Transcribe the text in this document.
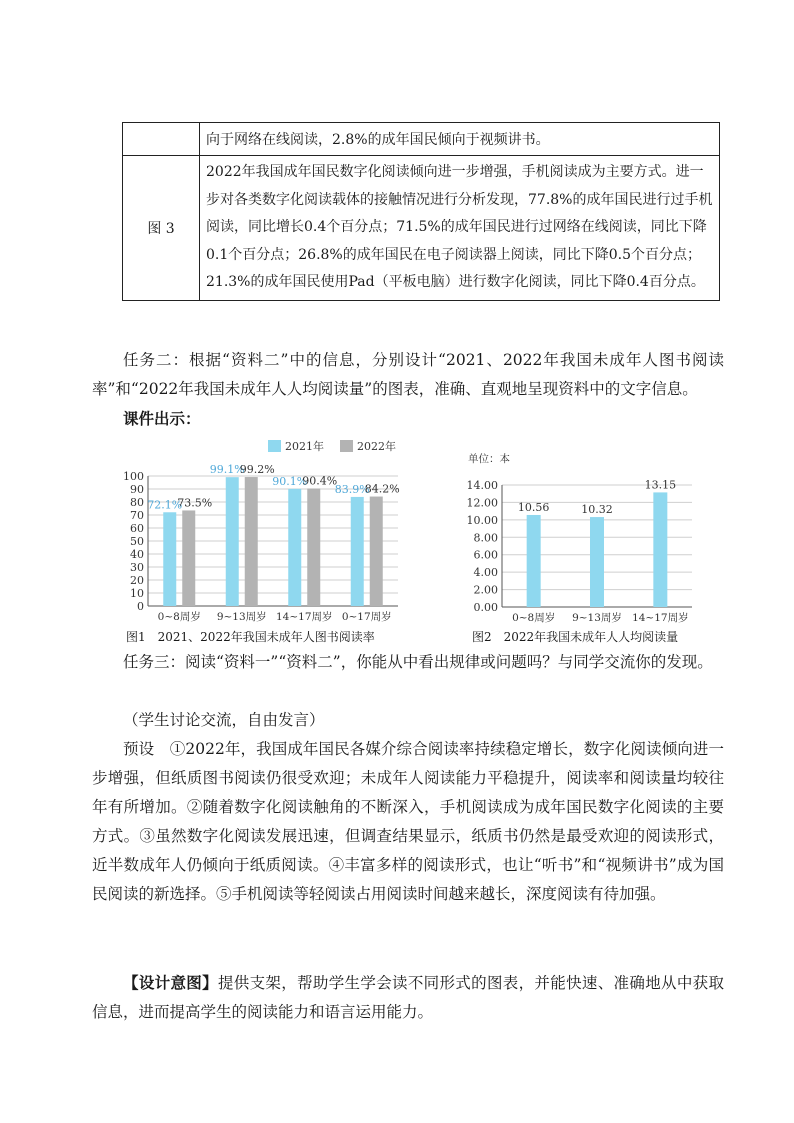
	向于网络在线阅读，2.8%的成年国民倾向于视频讲书。
图 3	2022年我国成年国民数字化阅读倾向进一步增强，手机阅读成为主要方式。进一步对各类数字化阅读载体的接触情况进行分析发现，77.8%的成年国民进行过手机阅读，同比增长0.4个百分点；71.5%的成年国民进行过网络在线阅读，同比下降0.1个百分点；26.8%的成年国民在电子阅读器上阅读，同比下降0.5个百分点；21.3%的成年国民使用Pad（平板电脑）进行数字化阅读，同比下降0.4百分点。

任务二：根据“资料二”中的信息，分别设计“2021、2022年我国未成年人图书阅读率”和“2022年我国未成年人人均阅读量”的图表，准确、直观地呈现资料中的文字信息。

课件出示：

2021年	2022年
0
10
20
30
40
50
60
70
80
90
100
72.1%
73.5%
0~8周岁
99.1%
99.2%
9~13周岁
90.1%
90.4%
14~17周岁
83.9%
84.2%
0~17周岁
图1　2021、2022年我国未成年人图书阅读率
单位：本
0.00
2.00
4.00
6.00
8.00
10.00
12.00
14.00
10.56
0~8周岁
10.32
9~13周岁
13.15
14~17周岁
图2　2022年我国未成年人人均阅读量

任务三：阅读“资料一”“资料二”，你能从中看出规律或问题吗？与同学交流你的发现。

（学生讨论交流，自由发言）

预设　①2022年，我国成年国民各媒介综合阅读率持续稳定增长，数字化阅读倾向进一步增强，但纸质图书阅读仍很受欢迎；未成年人阅读能力平稳提升，阅读率和阅读量均较往年有所增加。②随着数字化阅读触角的不断深入，手机阅读成为成年国民数字化阅读的主要方式。③虽然数字化阅读发展迅速，但调查结果显示，纸质书仍然是最受欢迎的阅读形式，近半数成年人仍倾向于纸质阅读。④丰富多样的阅读形式，也让“听书”和“视频讲书”成为国民阅读的新选择。⑤手机阅读等轻阅读占用阅读时间越来越长，深度阅读有待加强。

【设计意图】提供支架，帮助学生学会读不同形式的图表，并能快速、准确地从中获取信息，进而提高学生的阅读能力和语言运用能力。
